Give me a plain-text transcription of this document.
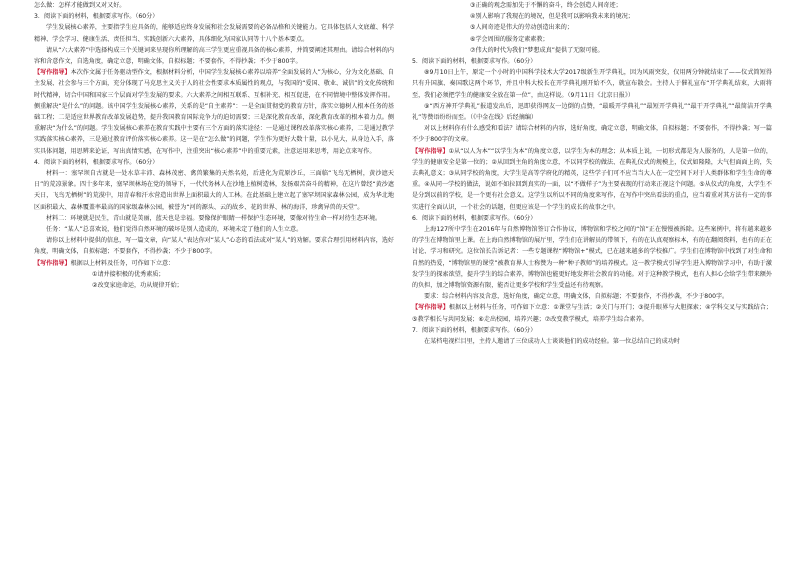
怎么做：怎样才能做到又对又好。

3．阅读下面的材料，根据要求写作。（60分）

学生发展核心素养，主要指学生应具备的，能够适应终身发展和社会发展需要的必备品格和关键能力。它具体包括人文底蕴、科学精神、学会学习、健康生活、责任担当、实践创新六大素养，具体细化为国家认同等十八个基本要点。

请从“六大素养”中选择构成三个关键词来呈现你所理解的高三学生更应重视具备的核心素养，并简要阐述其理由。请综合材料的内容和含意作文，自选角度，确定立意，明确文体，自拟标题；不要套作，不得抄袭；不少于800字。

【写作指导】本次作文属于任务驱动型作文，根据材料分析，中国学生发展核心素养以培养“全面发展的人”为核心，分为文化基础、自主发展、社会参与三个方面，充分体现了马克思主义关于人的社会性要求本质属性的观点，与我国的“爱国、敬业、诚信”的文化传统和时代精神，切合中国和国家三个层面对学生发展的要求。六大素养之间相互联系、互相补充、相互促进，在不同情境中整体发挥作用。侧重解决“是什么”的问题。该中国学生发展核心素养，关系的是“自主素养”：一是全面贯彻党的教育方针，落实立德树人根本任务的基础工程；二是适应世界教育改革发展趋势，提升我国教育国际竞争力的迫切需要；三是深化教育改革，深化教育改革的根本着力点。侧重解决“为什么”的问题。学生发展核心素养在教育实践中主要有三个方面的落实途径：一是通过课程改革落实核心素养，二是通过教学实践落实核心素养，三是通过教育评价落实核心素养。这一是在“怎么做”的问题，学生作为更好大数十量，以小见大，从身边入手，落实具体问题，用思辨来论证，写出真情实感，在写作中，注重突出“核心素养”中的重要元素，注意运用来思考，用论点来写作。

4．阅读下面的材料，根据要求写作。（60分）

材料一：塞罕坝自古就是一处水草丰沛、森林茂密、禽兽繁集的天然名苑，后进化为荒原沙丘，三面临“飞鸟无栖树，黄沙遮天日”的荒凉景象。四十多年来，塞罕坝林场在党的领导下，一代代务林人在沙地上植树造林，发扬艰苦奋斗的精神，在这片曾经“黄沙遮天日，飞鸟无栖树”的荒漠中，用青春和汗水营造出世界上面积最大的人工林。在此基础上建立起了塞罕坝国家森林公园，成为华北地区面积最大、森林覆盖率最高的国家级森林公园，被誉为“河的源头、云的故乡、花的世界、林的海洋，珍禽异兽的天堂”。

材料二：环境就是民生，青山就是美丽，蓝天也是幸福。要像保护眼睛一样保护生态环境，要像对待生命一样对待生态环境。

任务：“某人”总喜欢说，他们觉得自然环境的破坏是别人造成的，环境未定了他们的人生立意。

请你以上材料中提供的信息，写一篇文章，向“某人”表达你对“某人”心态的看法或对“某人”的劝解。要求合理引用材料内容，选好角度，明确文体，自拟标题；不要套作，不得抄袭；不少于800字。

【写作指导】根据以上材料及任务，可作如下立意：

①请并接积极的优秀素质；

②改变家庭命运，功从规律开始；

③正确的观念需加先于不懈的奋斗，终会创造人间奇迹；

④别人影响了我现在的境况，但是我可以影响我未来的境况；

⑤人间奇迹是伟大的劳动创造出来的；

⑥学会周围的服务定素素教；

⑦伟大的时代为我们“梦想成真”提供了无限可能。

5．阅读下面的材料，根据要求写作。（60分）

⑧9月10日上午，原定一个小时的中国科学技术大学2017级新生开学典礼，因为风雨突发，仅用两分钟就结束了——仪式简短得只有升国旗、奏国歌这两个环节，并且中科大校长在开学典礼刚开始不久，就宣布散会。主持人于催礼宣布“开学典礼结束，大雨将至，我们必须把学生的健康安全放在第一位”，由这样说。（9月11日《北京日报》）

⑨“西方神开学典礼”报道发出后，迅即获得网友一边倒的点赞，“最暖开学典礼”“最短开学典礼”“最干开学典礼”“最简洁开学典礼”等赞语纷纷而至。（《中金在线》后经摘编）

对以上材料你有什么感受和看法？请综合材料的内容，选好角度，确定立意，明确文体，自拟标题；不要套作，不得抄袭；写一篇不少于800字的文章。

【写作指导】①从“以人为本”“以学生为本”的角度立意，以学生为本的理念；从本质上说，一切形式都是为人服务的，人是第一位的，学生的健康安全是第一位的；②从回到主角的角度立意，不以同学校的做法、在典礼仪式的规模上，仪式如隆隆，大气但面面上的，失去典礼意义；③从同学校的角度，大学生是高等学府化的精英，这些学子们可不应当当大人在一定空间下对于人类群体和学生生命的尊重。④从同一学校的做法，说如不如拉回到真实的一面，以“不做样子”为主要表现的行动来正视这个问题。⑤从仪式的角度，大学生不是分到以前的学校，是一个更有社会意义。这学生以所以不同的角度来写作，在写作中突出看法的重点，应当着重对其方法有一定的事实进行全面认识，一个社会的话题，但更应该是一个学生的成长的故事之中。

6．阅读下面的材料，根据要求写作。（60分）

上海127所中学生在2016年与自然博物馆签订合作协议，博物馆和学校之间的“馆”正在慢慢被拆除。这些案例中，将有越来越多的学生在博物馆里上课。在上海自然博物馆的展厅里，学生们在讲解员的带领下，有的在认真观察标本，有的在翻阅资料，也有的正在讨论、学习和研究。这位馆长告诉记者：一些专题课程“博物馆+”模式，已在越来越多的学校推广。学生们在博物馆中找到了对生命和自然的热爱，“博物馆里的课堂”被教育界人士称赞为一种“种子教师”的培养模式。这一教学模式引导学生进入博物馆学习中，有助于激发学生的探索欲望，提升学生的综合素养，博物馆也能更好地发挥社会教育的功能。对于这种教学模式，也有人担心会给学生带来额外的负担，加之博物馆资源有限，能否让更多学校和学生受益还有待观察。

要求：综合材料内容及含意，选好角度，确定立意，明确文体，自拟标题；不要套作，不得抄袭，不少于800字。

【写作指导】根据以上材料与任务，可作如下立意：①课堂与生活；②关门与开门；③提升眼界与大胆探索；④学科交叉与实践结合；⑤教学相长与共同发展；⑥走出校园，培养兴趣；⑦改变教学模式，培养学生综合素养。

7．阅读下面的材料，根据要求写作。（60分）

在某档电视栏目里，主持人邀请了三位成功人士谈谈他们的成功经验。第一位总结自己的成功时
